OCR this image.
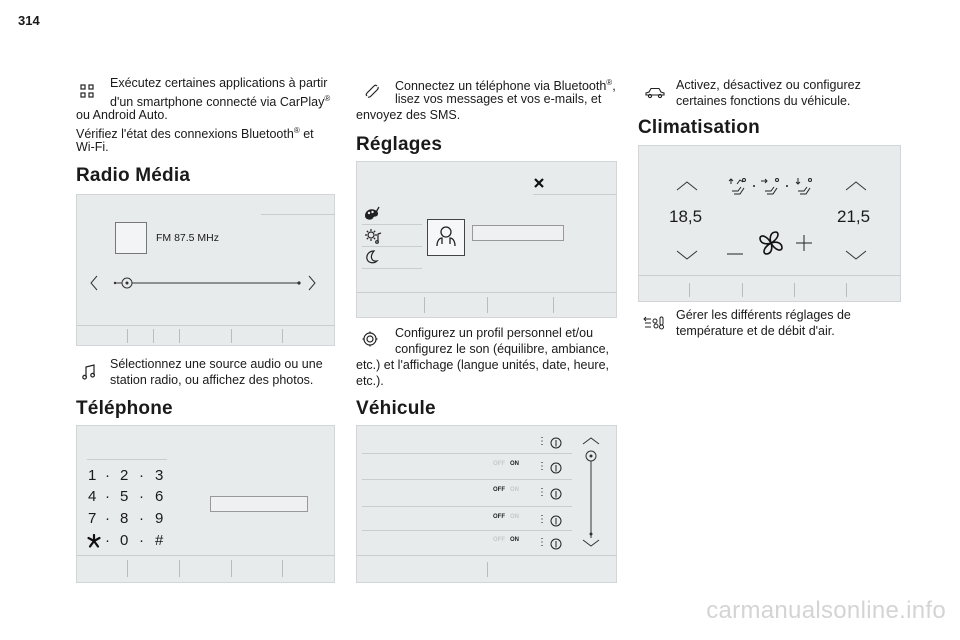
314
Exécutez certaines applications à partir
d'un smartphone connecté via CarPlay®
ou Android Auto.
Vérifiez l'état des connexions Bluetooth® et
Wi-Fi.
Radio Média
FM 87.5 MHz
Sélectionnez une source audio ou une
station radio, ou affichez des photos.
Téléphone
1 · 2 · 3
4 · 5 · 6
7 · 8 · 9
· 0 · #
Connectez un téléphone via Bluetooth®,
lisez vos messages et vos e-mails, et
envoyez des SMS.
Réglages
Configurez un profil personnel et/ou
configurez le son (équilibre, ambiance,
etc.) et l'affichage (langue unités, date, heure,
etc.).
Véhicule
⋮
OFF ON ⋮
OFF ON ⋮
OFF ON ⋮
OFF ON ⋮
Activez, désactivez ou configurez
certaines fonctions du véhicule.
Climatisation
18,5	21,5
Gérer les différents réglages de
température et de débit d'air.
carmanualsonline.info
